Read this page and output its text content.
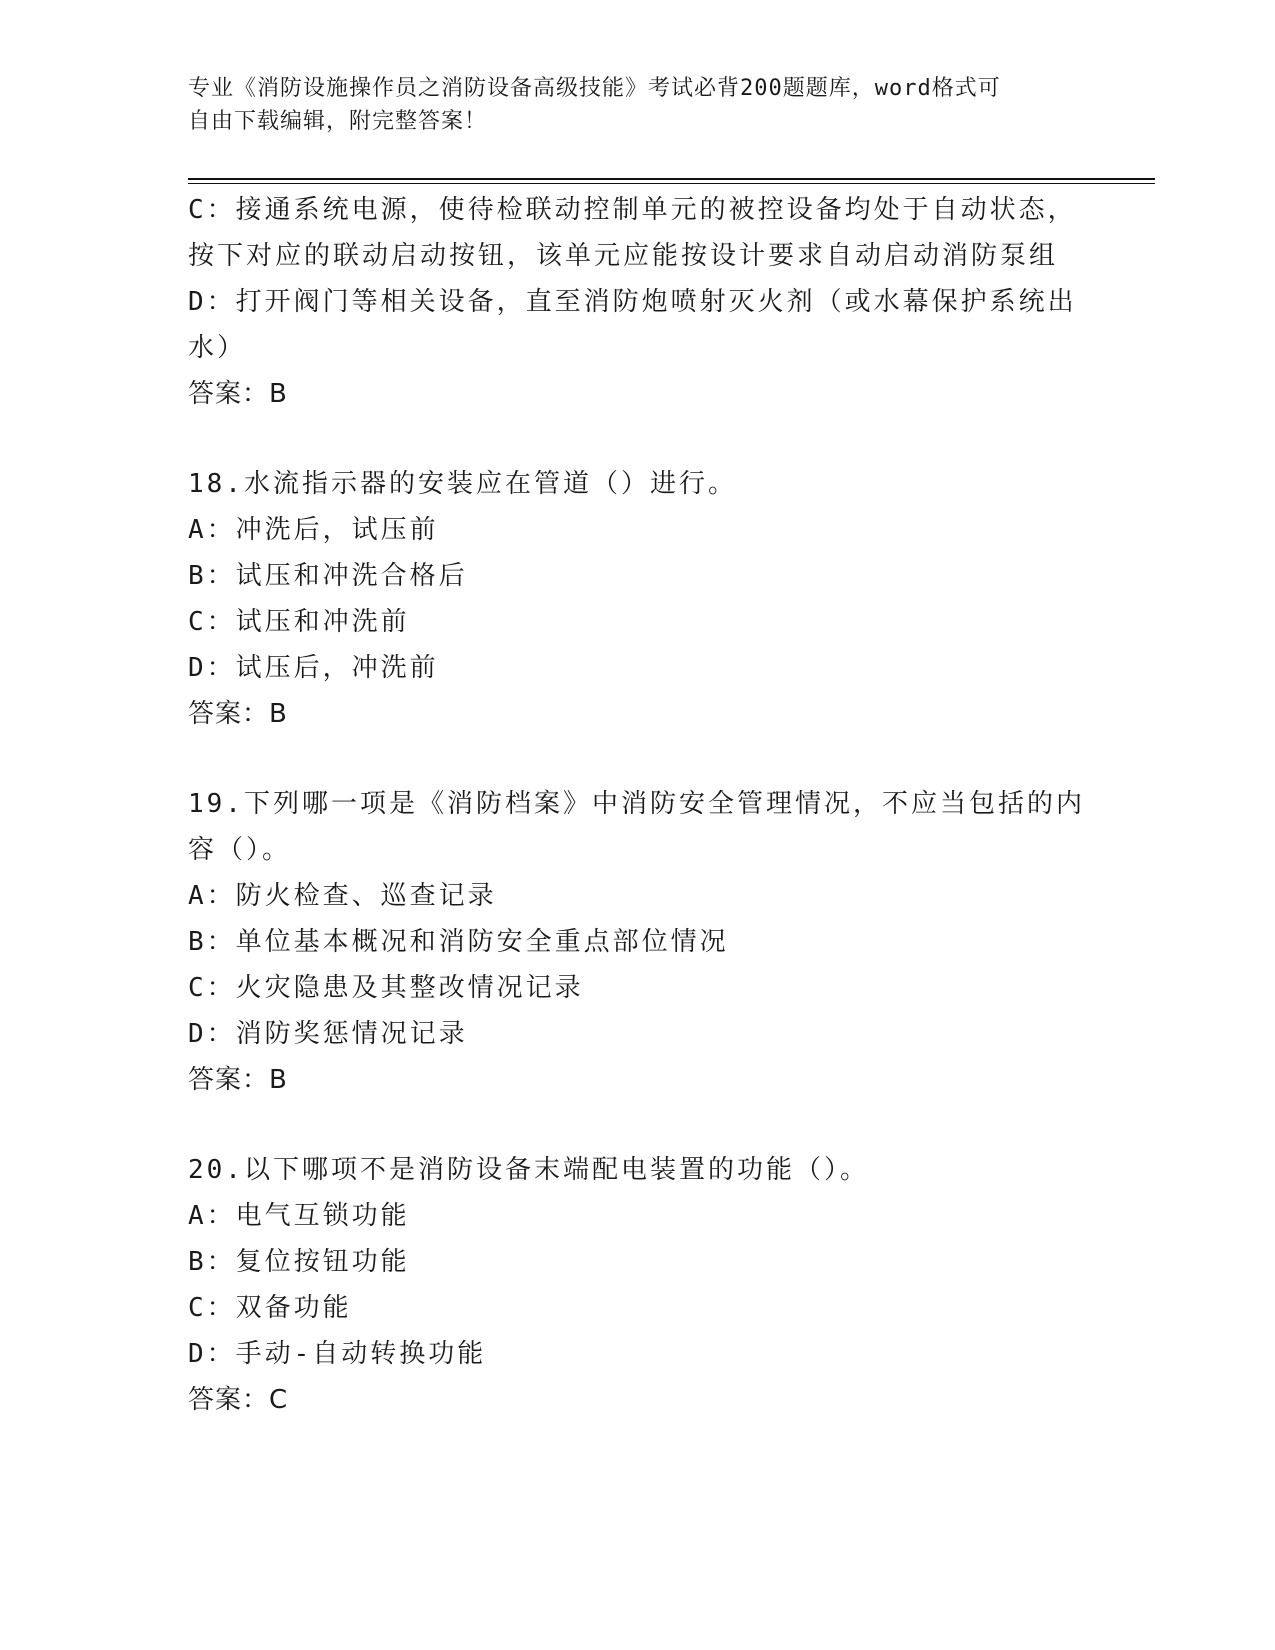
专业《消防设施操作员之消防设备高级技能》考试必背200题题库，word格式可
自由下载编辑，附完整答案！
C：接通系统电源，使待检联动控制单元的被控设备均处于自动状态，
按下对应的联动启动按钮，该单元应能按设计要求自动启动消防泵组
D：打开阀门等相关设备，直至消防炮喷射灭火剂（或水幕保护系统出
水）
答案：B
18.水流指示器的安装应在管道（）进行。
A：冲洗后，试压前
B：试压和冲洗合格后
C：试压和冲洗前
D：试压后，冲洗前
答案：B
19.下列哪一项是《消防档案》中消防安全管理情况，不应当包括的内
容（）。
A：防火检查、巡查记录
B：单位基本概况和消防安全重点部位情况
C：火灾隐患及其整改情况记录
D：消防奖惩情况记录
答案：B
20.以下哪项不是消防设备末端配电装置的功能（）。
A：电气互锁功能
B：复位按钮功能
C：双备功能
D：手动-自动转换功能
答案：C
